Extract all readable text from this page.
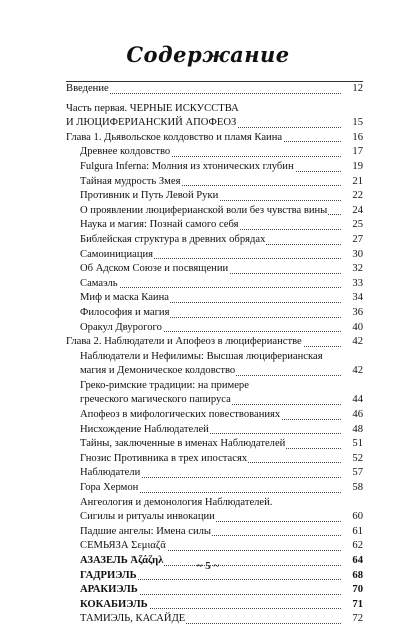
Содержание
Введение	12
Часть первая. ЧЕРНЫЕ ИСКУССТВА
И ЛЮЦИФЕРИАНСКИЙ АПОФЕОЗ	15
Глава 1. Дьявольское колдовство и пламя Каина	16
Древнее колдовство	17
Fulgura Inferna: Молния из хтонических глубин	19
Тайная мудрость Змея	21
Противник и Путь Левой Руки	22
О проявлении люциферианской воли без чувства вины	24
Наука и магия: Познай самого себя	25
Библейская структура в древних обрядах	27
Самоинициация	30
Об Адском Союзе и посвящении	32
Самаэль	33
Миф и маска Каина	34
Философия и магия	36
Оракул Двурогого	40
Глава 2. Наблюдатели и Апофеоз в люциферианстве	42
Наблюдатели и Нефилимы: Высшая люциферианская
магия и Демоническое колдовство	42
Греко-римские традиции: на примере
греческого магического папируса	44
Апофеоз в мифологических повествованиях	46
Нисхождение Наблюдателей	48
Тайны, заключенные в именах Наблюдателей	51
Гнозис Противника в трех ипостасях	52
Наблюдатели	57
Гора Хермон	58
Ангеология и демонология Наблюдателей.
Сигилы и ритуалы инвокации	60
Падшие ангелы: Имена силы	61
СЕМЬЯЗА Σεμιαζᾶ	62
АЗАЗЕЛЬ Ἀζάζηλ	64
ГАДРИЭЛЬ	68
АРАКИЭЛЬ	70
КОКАБИЭЛЬ	71
ТАМИЭЛЬ, КАСАЙДЕ	72
~ 5 ~
